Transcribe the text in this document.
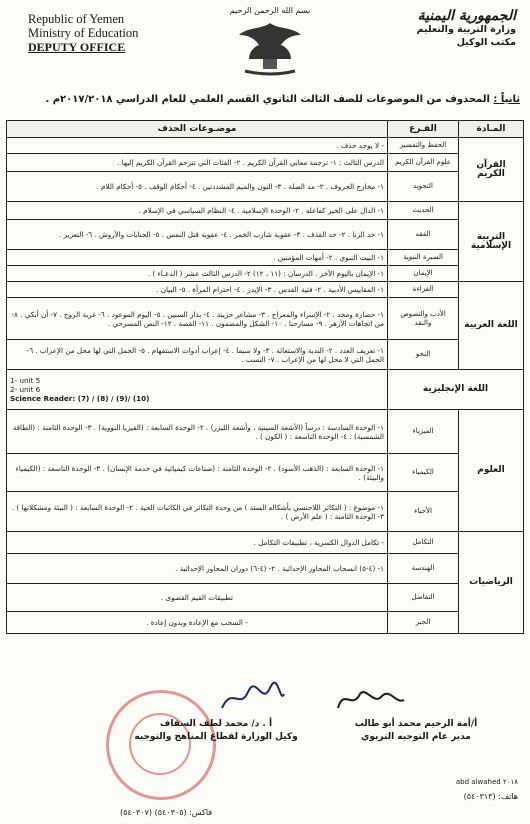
Republic of Yemen
Ministry of Education
DEPUTY OFFICE
بسم الله الرحمن الرحيم	الجمهورية اليمنية
وزارة التربية والتعليم
مكتب الوكيل
ثانياً : المحذوف من الموضوعات للصف الثالث الثانوي القسم العلمي للعام الدراسي ٢٠١٧/٢٠١٨م .
المـادة	الفـرع	موضـوعات الحذف
القرآن الكريم	الحفظ والتفسير	- لا يوجد حذف .
	علوم القرآن الكريم	الدرس الثالث : ١- ترجمة معاني القرآن الكريم . ٢- الفئات التي تترجم القرآن الكريم إليها .
	التجويد	١- مخارج الحروف . ٢- مد الصلة . ٣- النون والميم المشددتين . ٤- أحكام الوقف . ٥- أحكام اللام .
التربية الإسلامية	الحديث	١- الدال على الخير كفاعله . ٢- الوحدة الإسلامية . ٤- النظام السياسي في الإسلام .
	الفقه	١- حد الزنا . ٢- حد القذف . ٣- عقوبة شارب الخمر . ٤- عقوبة قتل النفس . ٥- الجنايات والأروش . ٦- التعزير .
	السيرة النبوية	١- البيت النبوي . ٢- أمهات المؤمنين .
	الإيمان	١- الإيمان باليوم الآخر . الدرسان : (١١ ، ١٢) ٢- الدرس الثالث عشر ( الدعـاء ) .
اللغة العربية	القراءة	١- المقاييس الأدبية . ٢- فتية القدس . ٣- الإيدز . ٤- احترام المرأة . ٥- البيان .
	الأدب والنصوص والنقد	١- حضارة ومجد . ٢- الإسراء والمعراج . ٣- مشاعر حزينة . ٤- بذار السنين . ٥- اليوم الموعود . ٦- غربة الروح . ٧- أن أبكي . ٨- من اتجاهات الأزهر . ٩- مسارحنا . ١٠- الشكل والمضمون . ١١- القصة . ١٢- النص المسرحي .
	النحو	١- تعريف العدد . ٢- الندبة والاستغاثة . ٣- ولا سيما . ٤- إعراب أدوات الاستفهام . ٥- الجمل التي لها محل من الإعراب . ٦- الجمل التي لا محل لها من الإعراب . ٧- النسب .
اللغة الإنجليزية		1- unit 5
2- unit 6
Science Reader: (7) / (8) / (9)/ (10)

العلوم	الفيزياء	١- الوحدة السادسة : درساً (الأشعة السينية ، وأشعة الليزر) . ٢- الوحدة السابعة : (الفيزيا النووية) . ٣- الوحدة الثامنة : (الطاقة الشمسية) . ٤- الوحدة التاسعة : ( الكون ) .
	الكيمياء	١- الوحدة السابعة : (الذهب الأسود) . ٢- الوحدة الثامنة : (صناعات كيميائية في خدمة الإنسان) . ٣- الوحدة التاسعة : (الكيمياء والبيئة) .
	الأحياء	١- موضوع : ( التكاثر اللاجنسي بأشكاله الستة ) من وحدة التكاثر في الكائنات الحية . ٢- الوحدة السابعة : ( البيئة ومشكلاتها ) . ٣- الوحدة الثامنة : ( علم الأرض ) .
الرياضيات	التكامل	- تكامل الدوال الكسرية ، تطبيقات التكامل .
	الهندسة	١- (٤-٥) انسحاب المحاور الإحداثية . ٢- (٤-٦) دوران المحاور الإحداثية .
	التفاضل	تطبيقات القيم القصوى .
	الجبر	- السحب مع الإعادة وبدون إعادة .
أ . د/ محمد لطف السقاف
وكيل الوزارة لقطاع المناهج والتوجيه
أ/أمة الرحيم محمد أبو طالب
مدير عام التوجيه التربوي
abd alwahed ٢٠١٨
هاتف: (٥٤٠٣١٣)
فاكس: (٥٤٠٣٠٥) (٥٤٠٣٠٧)
